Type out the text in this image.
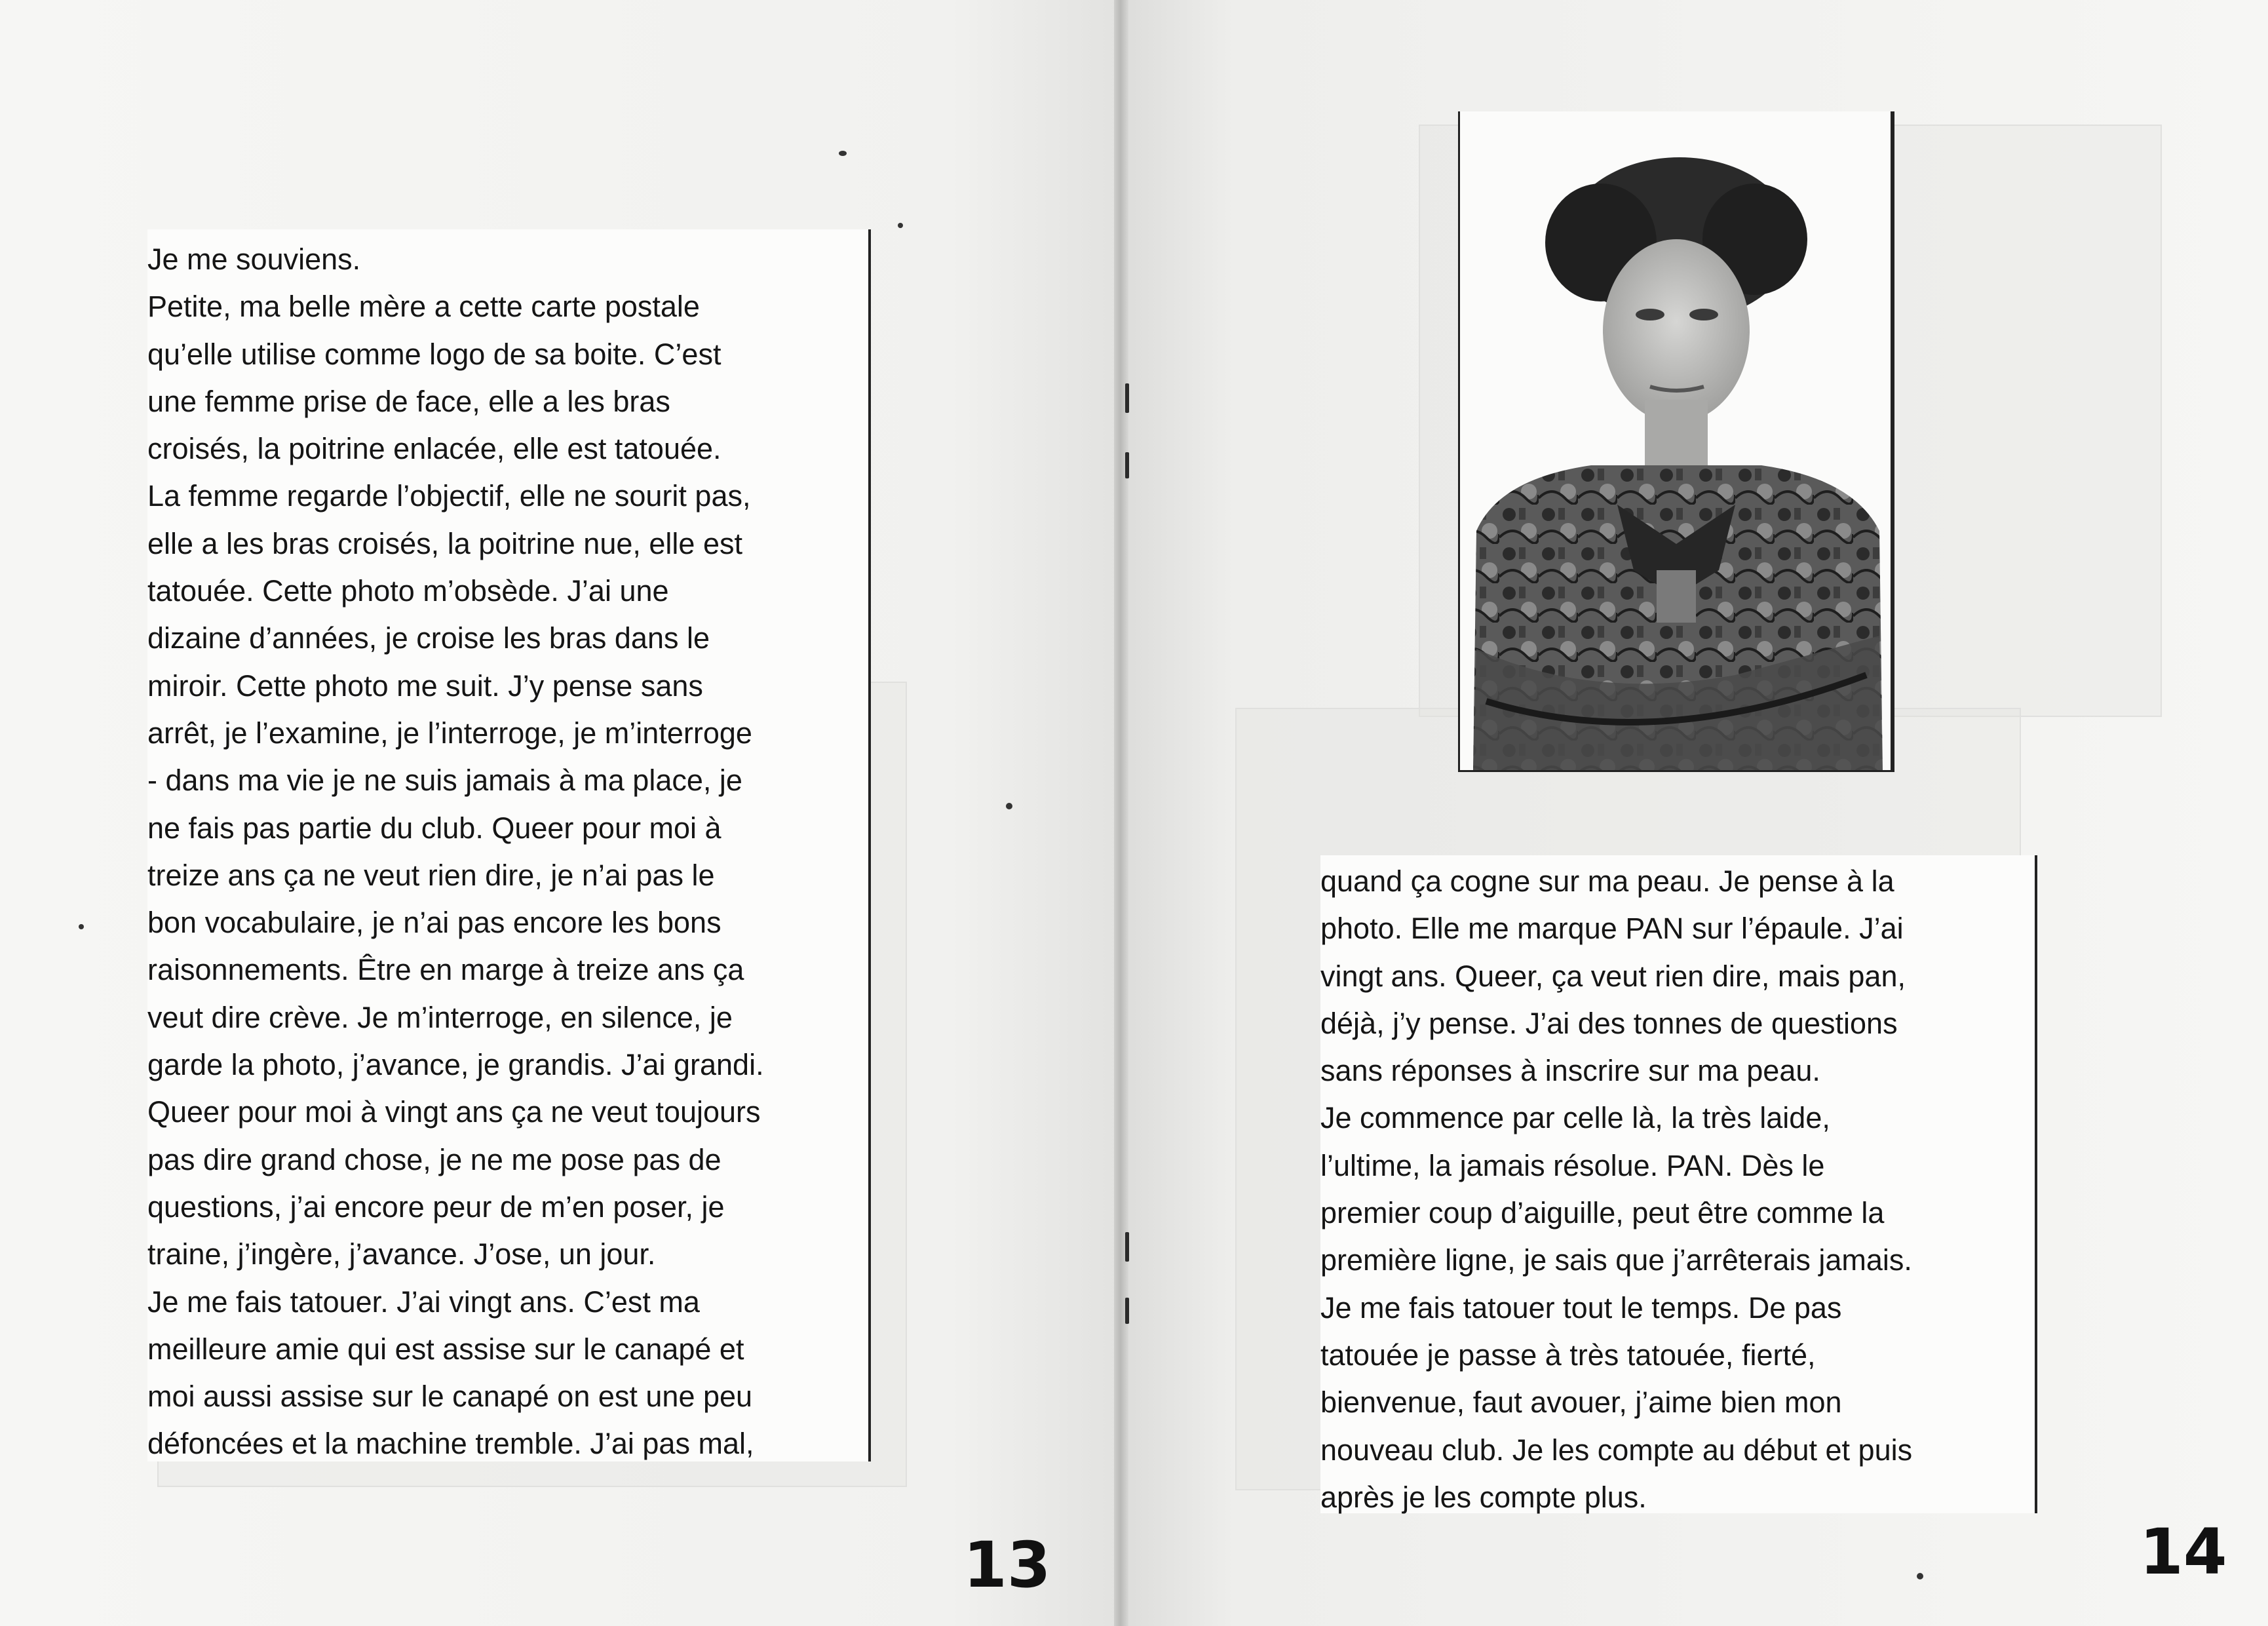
Je me souviens.

Petite, ma belle mère a cette carte postale

qu’elle utilise comme logo de sa boite. C’est

une femme prise de face, elle a les bras

croisés, la poitrine enlacée, elle est tatouée.

La femme regarde l’objectif, elle ne sourit pas,

elle a les bras croisés, la poitrine nue, elle est

tatouée. Cette photo m’obsède. J’ai une

dizaine d’années, je croise les bras dans le

miroir. Cette photo me suit. J’y pense sans

arrêt, je l’examine, je l’interroge, je m’interroge

- dans ma vie je ne suis jamais à ma place, je

ne fais pas partie du club. Queer pour moi à

treize ans ça ne veut rien dire, je n’ai pas le

bon vocabulaire, je n’ai pas encore les bons

raisonnements. Être en marge à treize ans ça

veut dire crève. Je m’interroge, en silence, je

garde la photo, j’avance, je grandis. J’ai grandi.

Queer pour moi à vingt ans ça ne veut toujours

pas dire grand chose, je ne me pose pas de

questions, j’ai encore peur de m’en poser, je

traine, j’ingère, j’avance. J’ose, un jour.

Je me fais tatouer. J’ai vingt ans. C’est ma

meilleure amie qui est assise sur le canapé et

moi aussi assise sur le canapé on est une peu

défoncées et la machine tremble. J’ai pas mal,

quand ça cogne sur ma peau. Je pense à la

photo. Elle me marque PAN sur l’épaule. J’ai

vingt ans. Queer, ça veut rien dire, mais pan,

déjà, j’y pense. J’ai des tonnes de questions

sans réponses à inscrire sur ma peau.

Je commence par celle là, la très laide,

l’ultime, la jamais résolue. PAN. Dès le

premier coup d’aiguille, peut être comme la

première ligne, je sais que j’arrêterais jamais.

Je me fais tatouer tout le temps. De pas

tatouée je passe à très tatouée, fierté,

bienvenue, faut avouer, j’aime bien mon

nouveau club. Je les compte au début et puis

après je les compte plus.

13	14
